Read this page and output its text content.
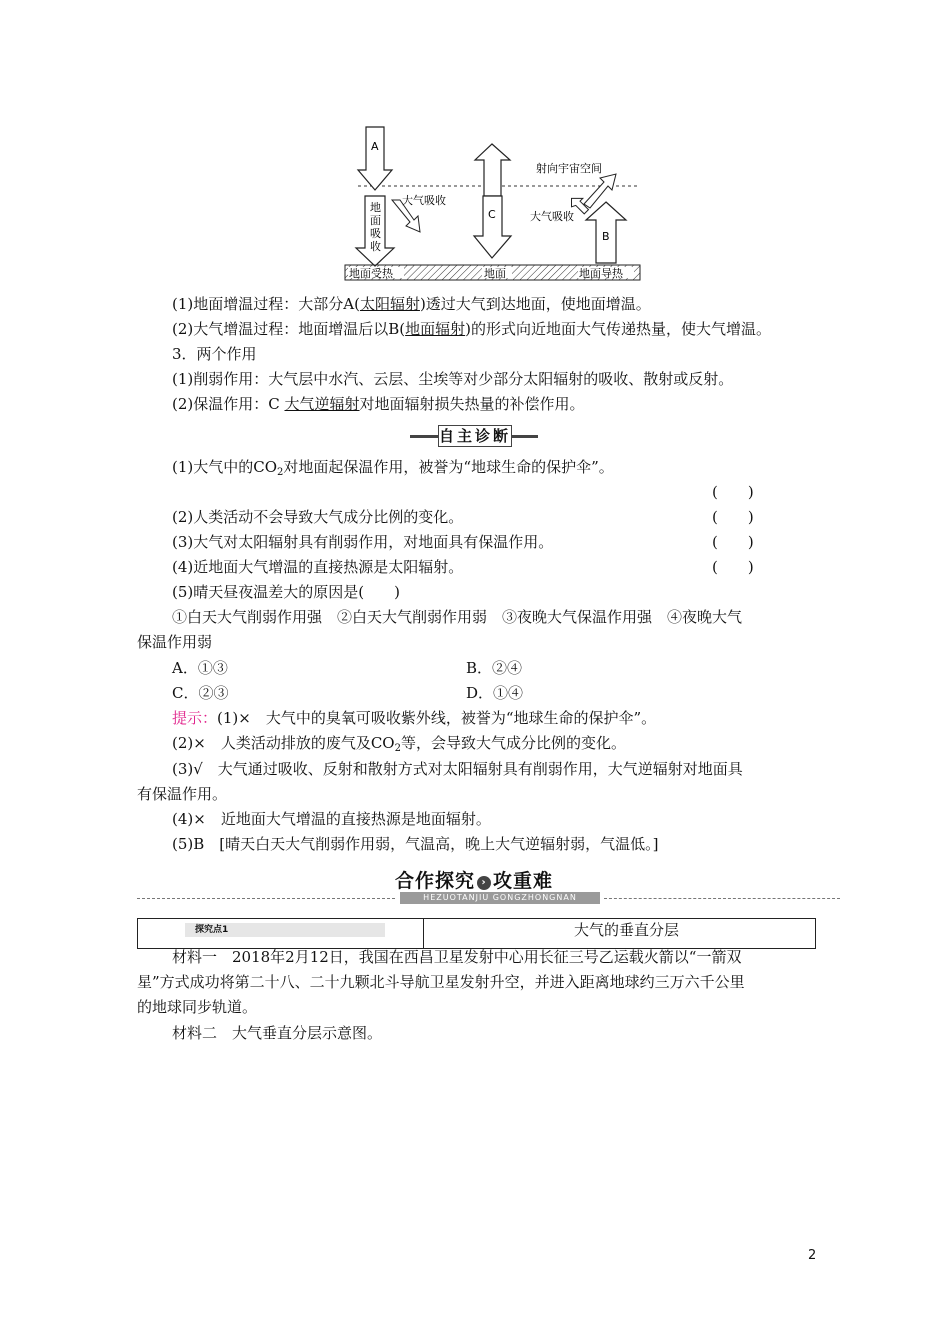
A
地
面
吸
收
大气吸收
C
射向宇宙空间
大气吸收
B
地面受热	地面	地面导热
(1)地面增温过程：大部分A(太阳辐射)透过大气到达地面，使地面增温。
(2)大气增温过程：地面增温后以B(地面辐射)的形式向近地面大气传递热量，使大气增温。
3．两个作用
(1)削弱作用：大气层中水汽、云层、尘埃等对少部分太阳辐射的吸收、散射或反射。
(2)保温作用：C 大气逆辐射对地面辐射损失热量的补偿作用。
自主诊断
(1)大气中的$CO_2$对地面起保温作用，被誉为“地球生命的保护伞”。
(　　)
(2)人类活动不会导致大气成分比例的变化。	(　　)
(3)大气对太阳辐射具有削弱作用，对地面具有保温作用。	(　　)
(4)近地面大气增温的直接热源是太阳辐射。	(　　)
(5)晴天昼夜温差大的原因是(　　)
①白天大气削弱作用强　②白天大气削弱作用弱　③夜晚大气保温作用强　④夜晚大气
保温作用弱
A．①③	B．②④
C．②③	D．①④
提示：(1)×　大气中的臭氧可吸收紫外线，被誉为“地球生命的保护伞”。
(2)×　人类活动排放的废气及$CO_2$等，会导致大气成分比例的变化。
(3)√　大气通过吸收、反射和散射方式对太阳辐射具有削弱作用，大气逆辐射对地面具
有保温作用。
(4)×　近地面大气增温的直接热源是地面辐射。
(5)B　[晴天白天大气削弱作用弱，气温高，晚上大气逆辐射弱，气温低。]
合作探究 › 攻重难
HEZUOTANJIU GONGZHONGNAN
探究点1	大气的垂直分层
材料一　2018年2月12日，我国在西昌卫星发射中心用长征三号乙运载火箭以“一箭双
星”方式成功将第二十八、二十九颗北斗导航卫星发射升空，并进入距离地球约三万六千公里
的地球同步轨道。
材料二　大气垂直分层示意图。
2
